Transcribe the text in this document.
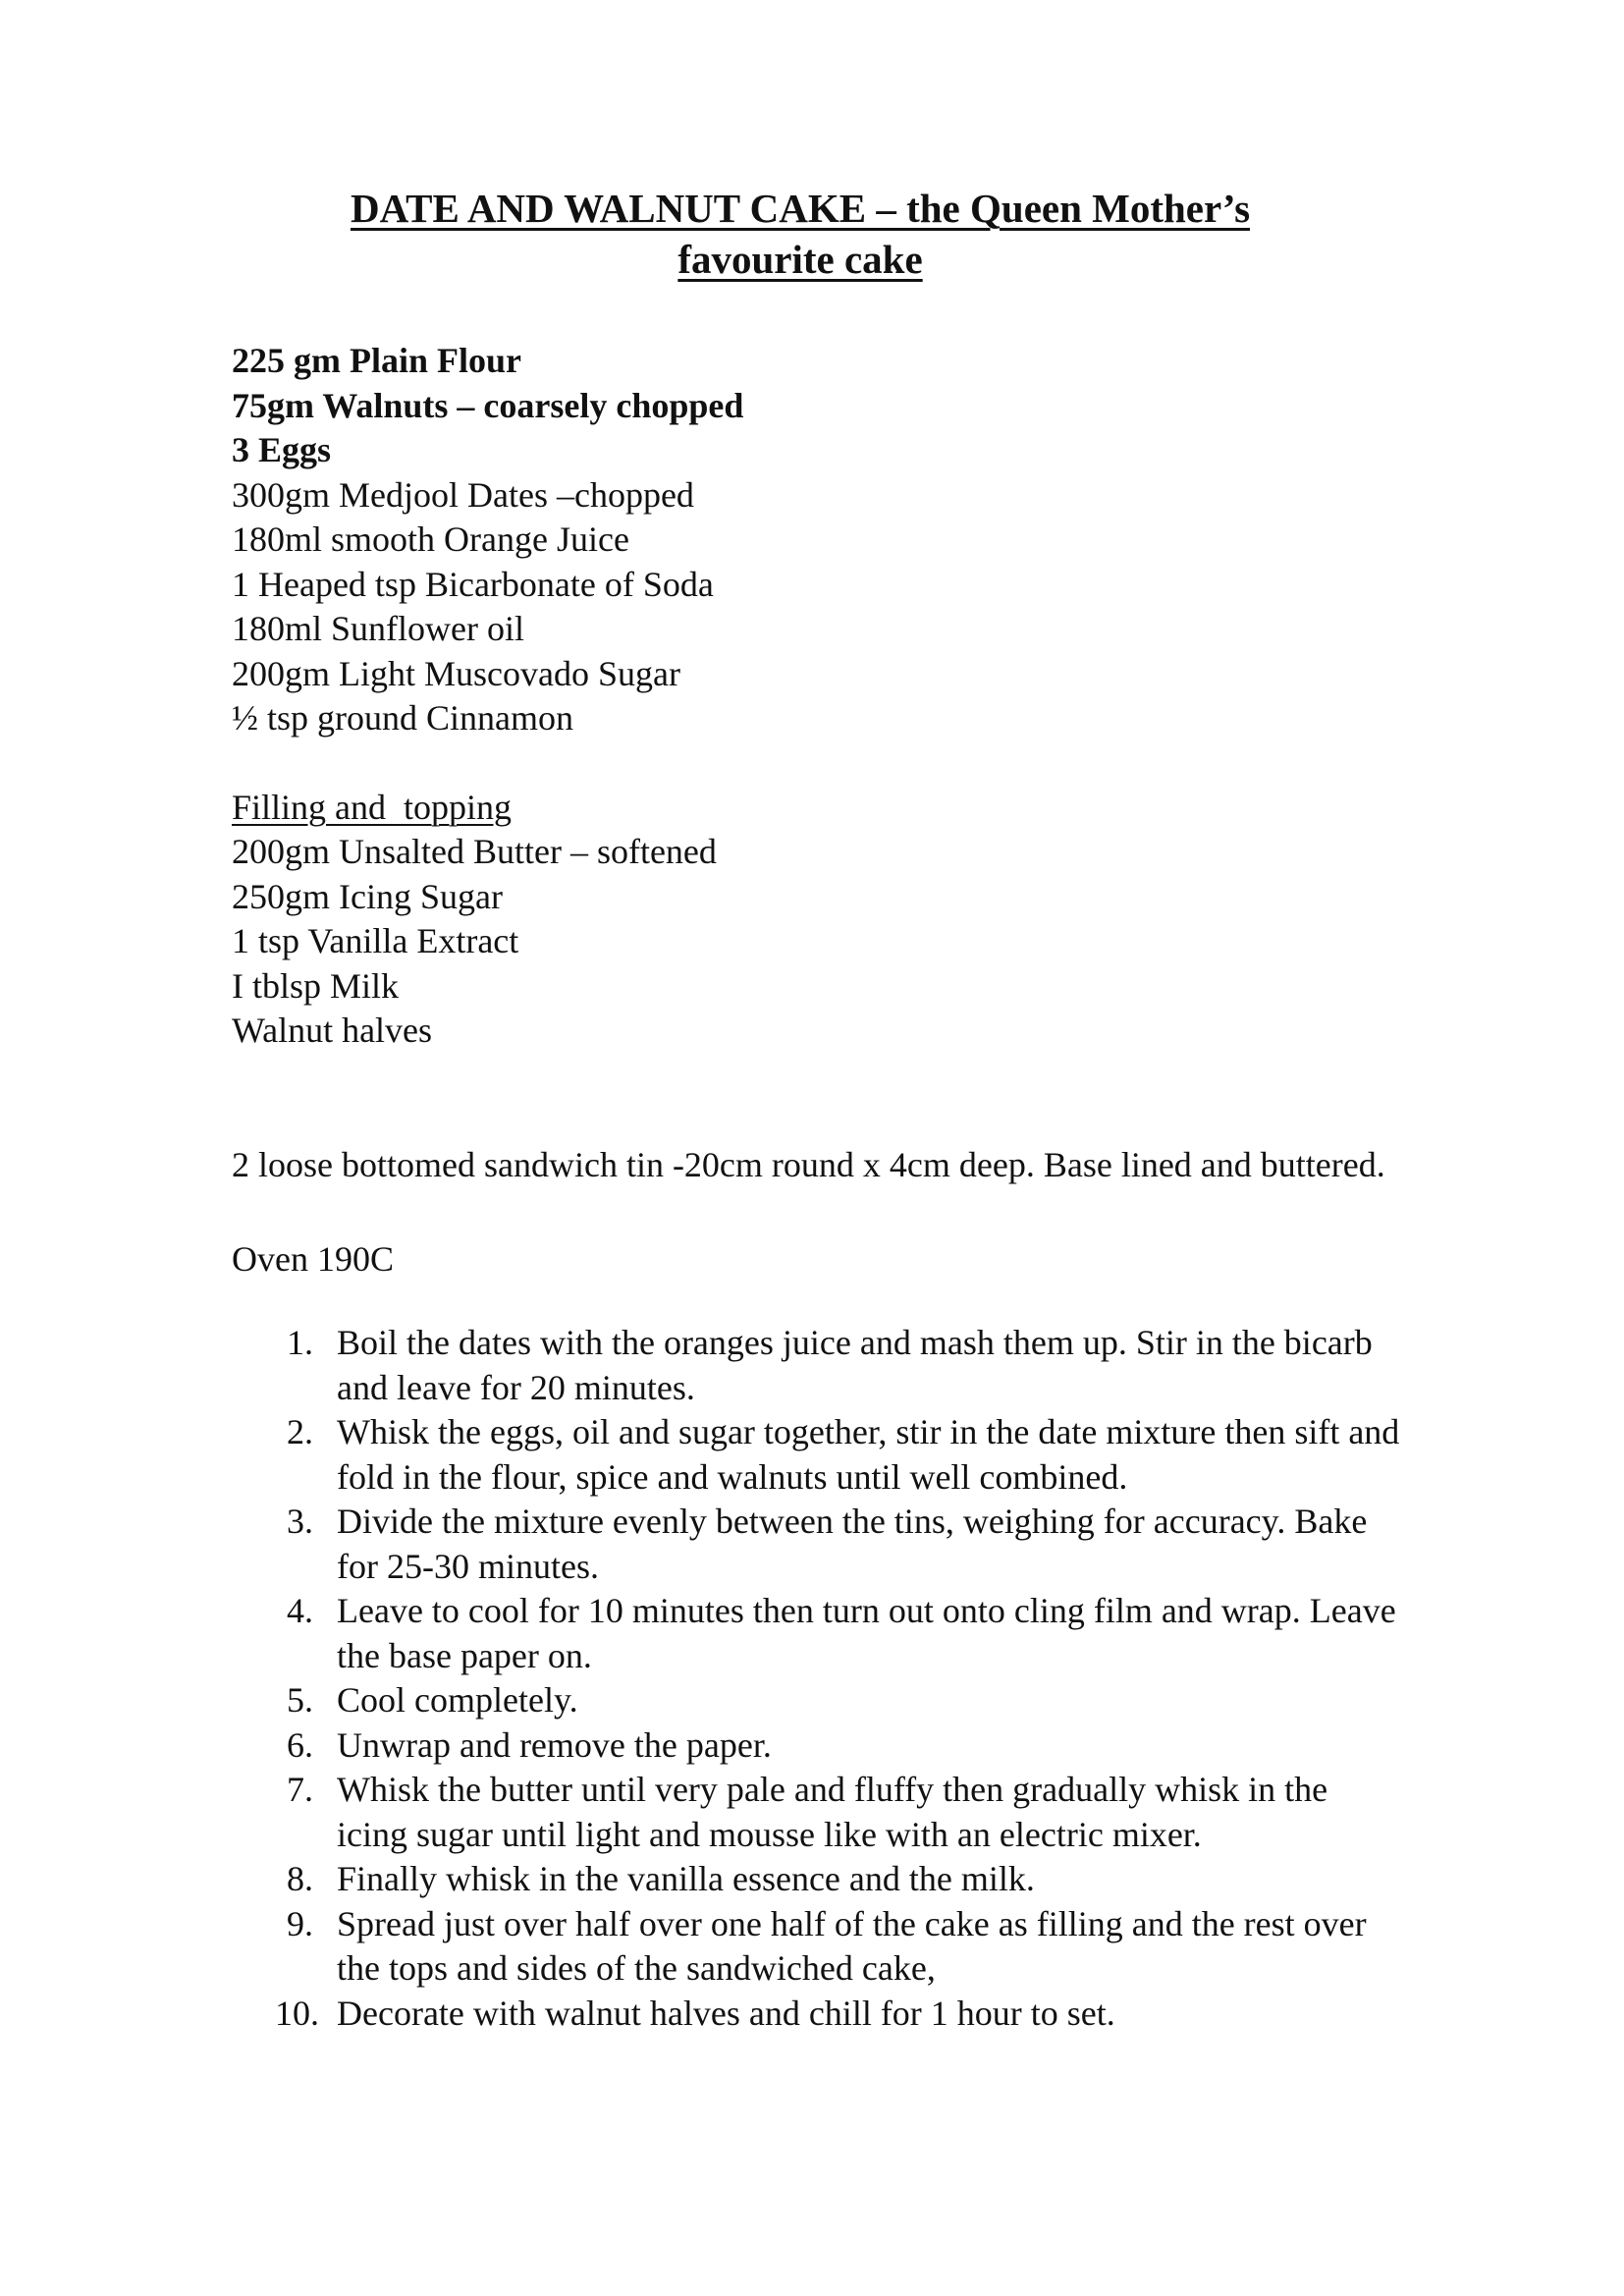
DATE AND WALNUT CAKE – the Queen Mother’s
favourite cake
225 gm Plain Flour
75gm Walnuts – coarsely chopped
3 Eggs
300gm Medjool Dates –chopped
180ml smooth Orange Juice
1 Heaped tsp Bicarbonate of Soda
180ml Sunflower oil
200gm Light Muscovado Sugar
½ tsp ground Cinnamon
Filling and  topping
200gm Unsalted Butter – softened
250gm Icing Sugar
1 tsp Vanilla Extract
I tblsp Milk
Walnut halves

2 loose bottomed sandwich tin -20cm round x 4cm deep. Base lined and buttered.

Oven 190C

1. Boil the dates with the oranges juice and mash them up. Stir in the bicarb and leave for 20 minutes.
2. Whisk the eggs, oil and sugar together, stir in the date mixture then sift and fold in the flour, spice and walnuts until well combined.
3. Divide the mixture evenly between the tins, weighing for accuracy. Bake for 25-30 minutes.
4. Leave to cool for 10 minutes then turn out onto cling film and wrap. Leave the base paper on.
5. Cool completely.
6. Unwrap and remove the paper.
7. Whisk the butter until very pale and fluffy then gradually whisk in the icing sugar until light and mousse like with an electric mixer.
8. Finally whisk in the vanilla essence and the milk.
9. Spread just over half over one half of the cake as filling and the rest over the tops and sides of the sandwiched cake,
10. Decorate with walnut halves and chill for 1 hour to set.
